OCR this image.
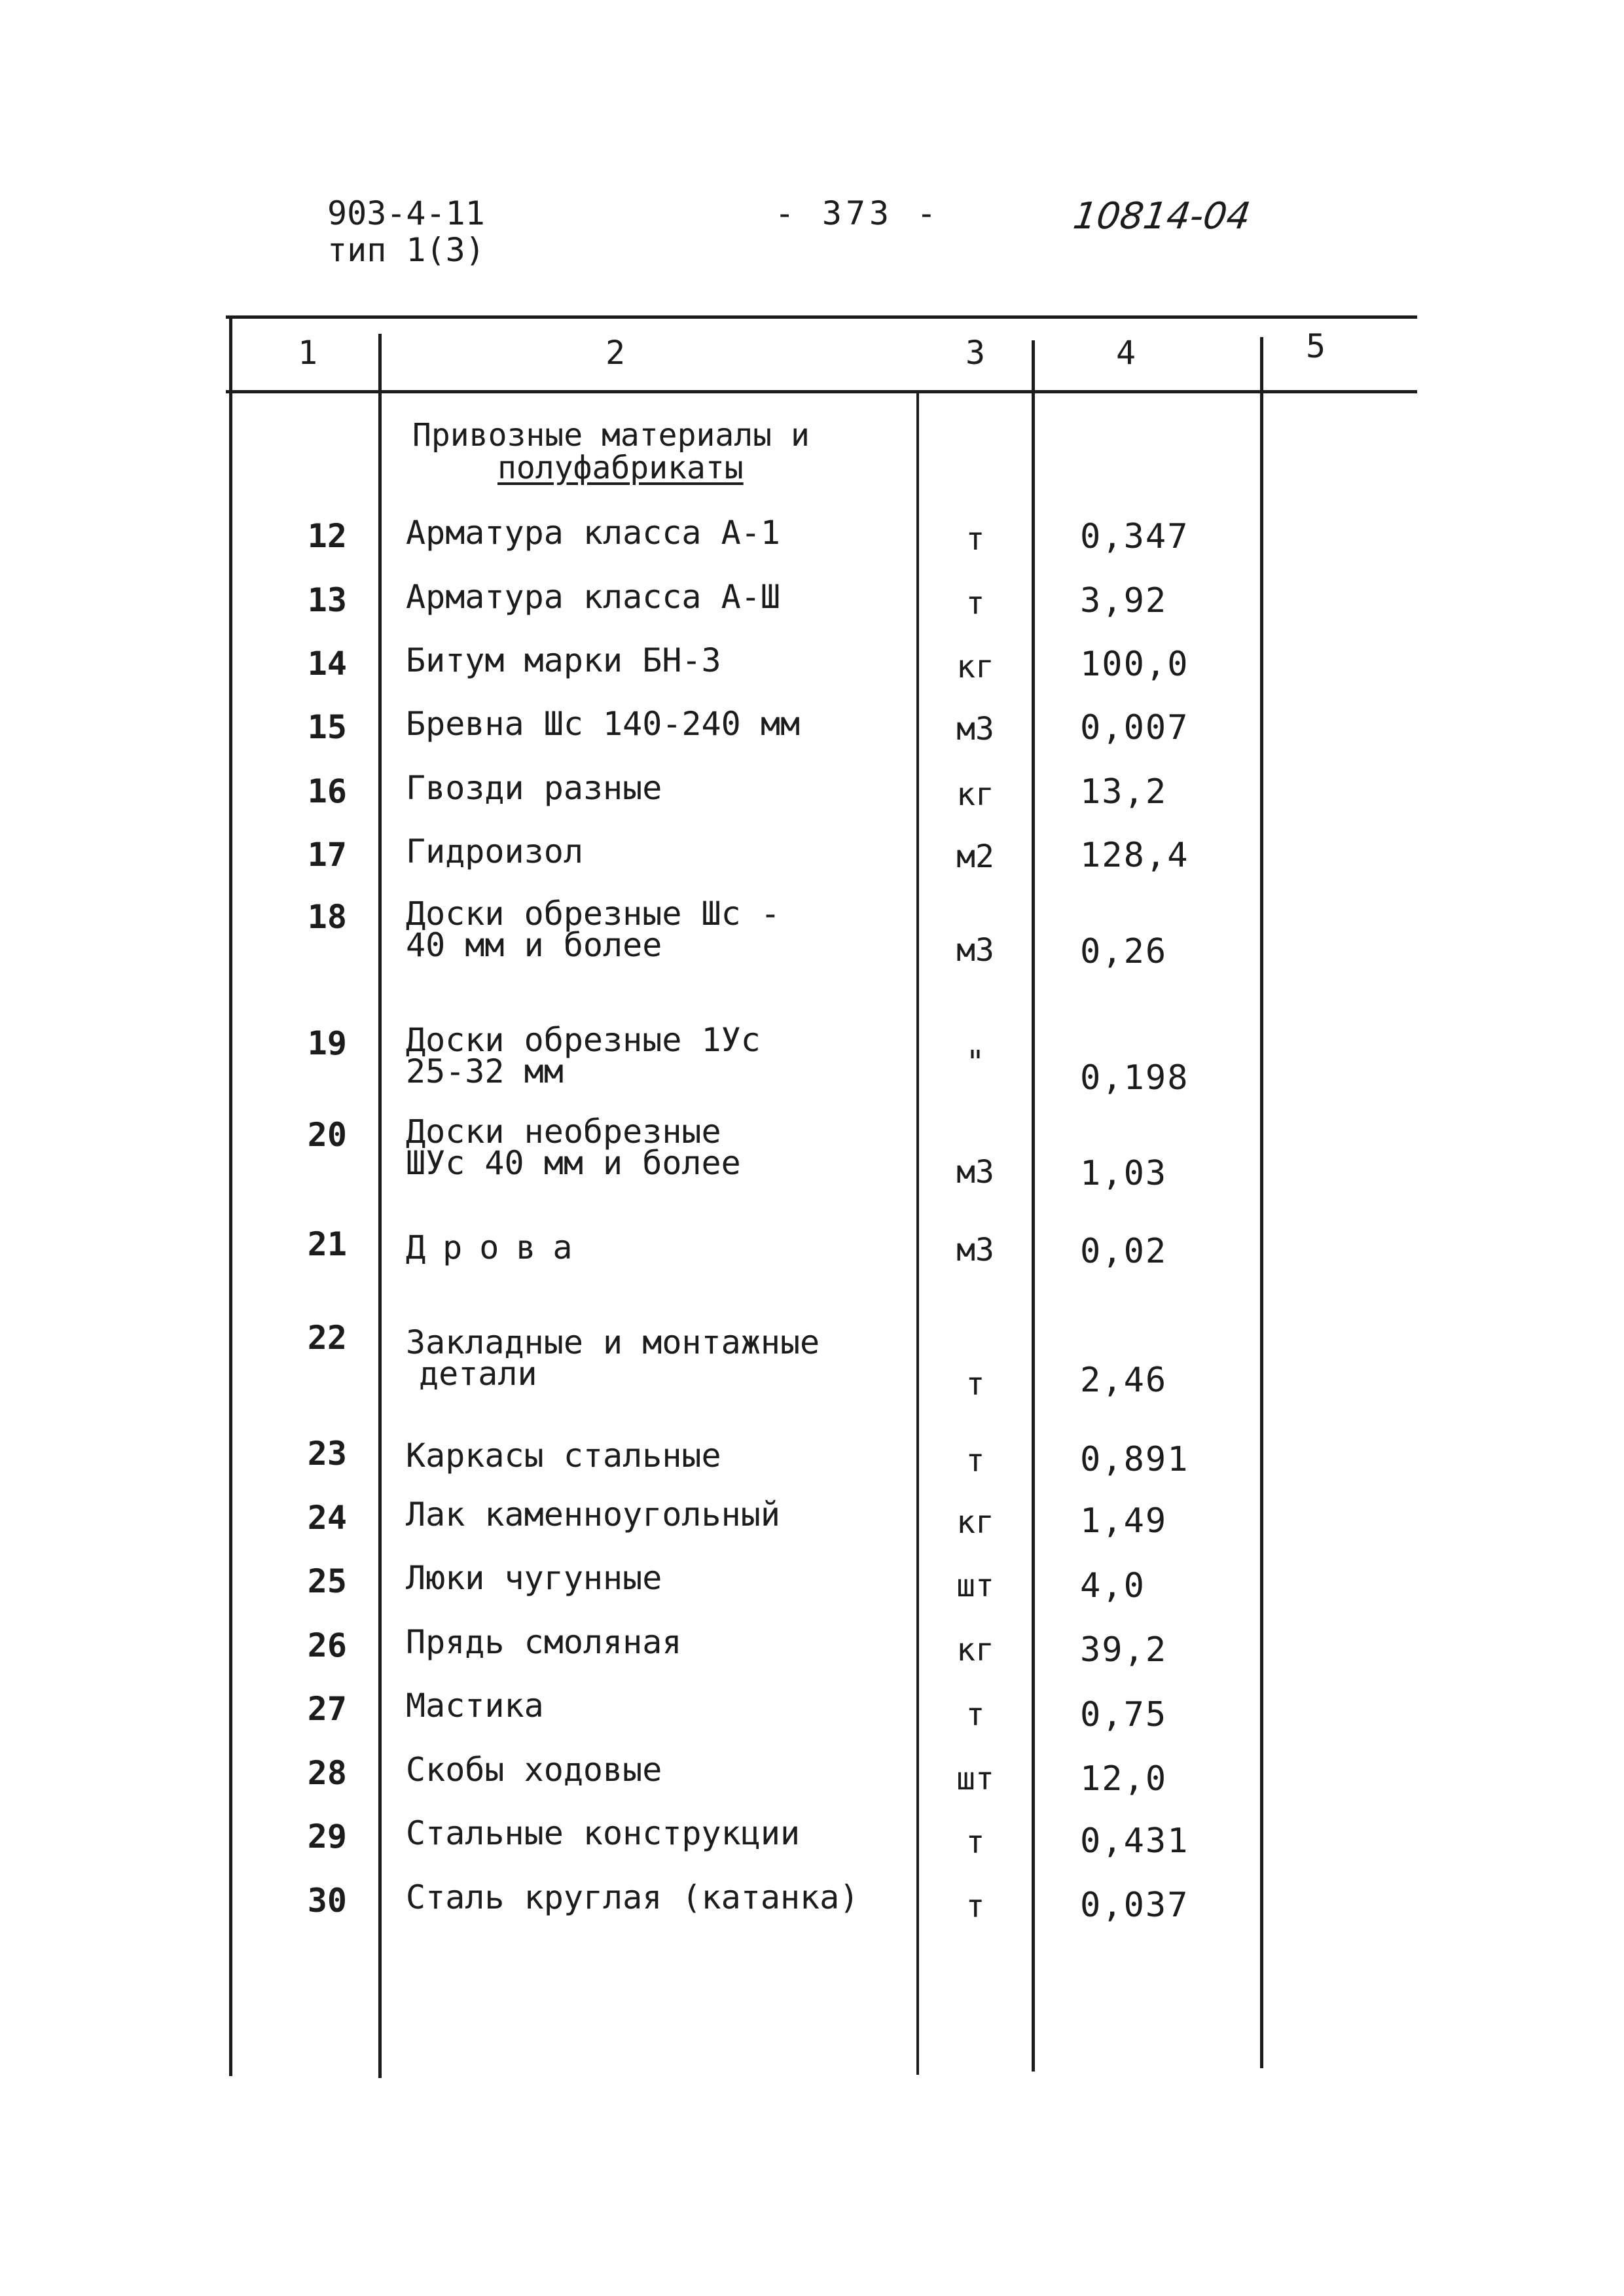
903-4-11
тип 1(3)
- 373 -	10814-04
1	2	3	4	5
Привозные материалы и
полуфабрикаты
12 Арматура класса А-1	т	0,347
13 Арматура класса А-Ш	т	3,92
14 Битум марки БН-3	кг	100,0
15 Бревна Шс 140-240 мм	м3	0,007
16 Гвозди разные	кг	13,2
17 Гидроизол	м2	128,4
18 Доски обрезные Шс -
40 мм и более	м3	0,26
19 Доски обрезные 1Ус
25-32 мм	"	0,198
20 Доски необрезные
ШУс 40 мм и более	м3	1,03
21 Дрова	м3	0,02
22 Закладные и монтажные
детали	т	2,46
23 Каркасы стальные	т	0,891
24 Лак каменноугольный	кг	1,49
25 Люки чугунные	шт	4,0
26 Прядь смоляная	кг	39,2
27 Мастика	т	0,75
28 Скобы ходовые	шт	12,0
29 Стальные конструкции	т	0,431
30 Сталь круглая (катанка)	т	0,037
